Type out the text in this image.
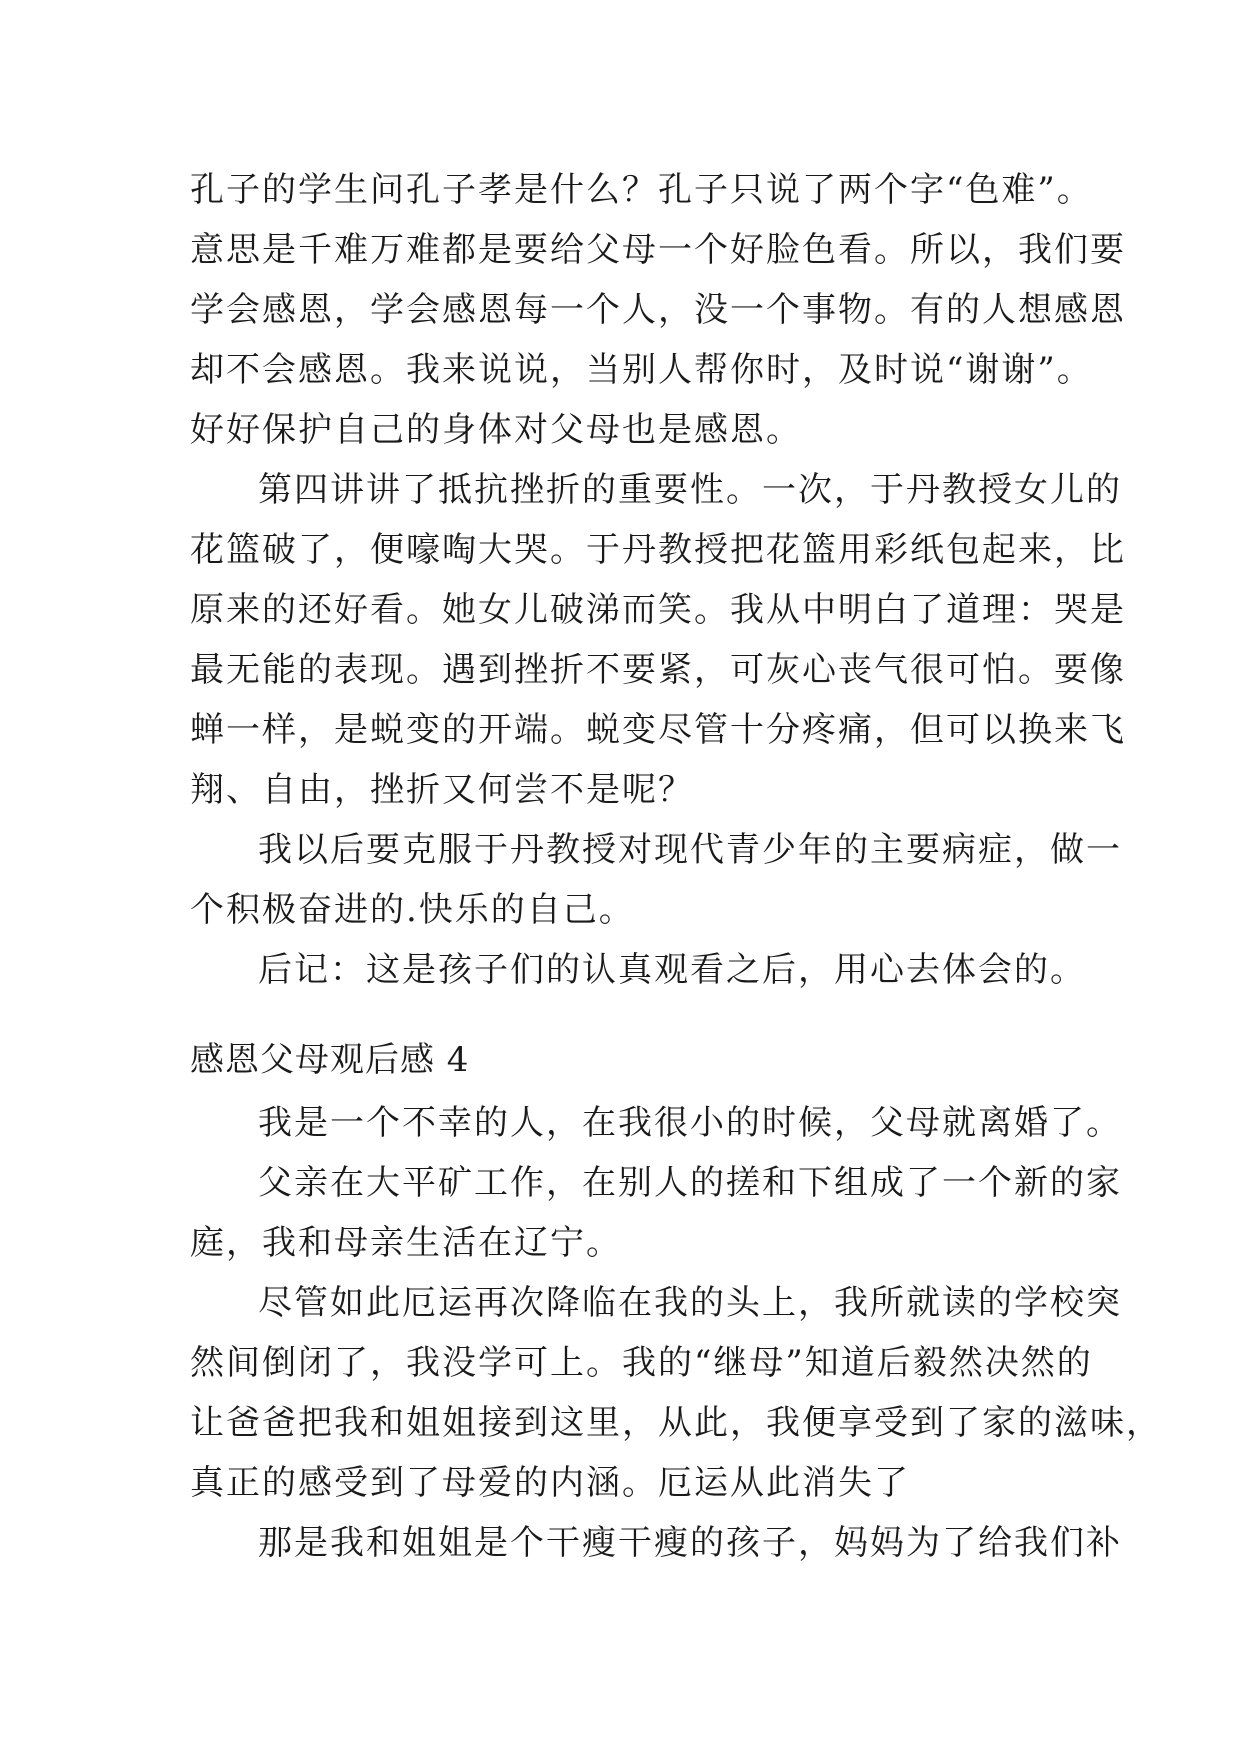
孔子的学生问孔子孝是什么？孔子只说了两个字“色难”。
意思是千难万难都是要给父母一个好脸色看。所以，我们要
学会感恩，学会感恩每一个人，没一个事物。有的人想感恩
却不会感恩。我来说说，当别人帮你时，及时说“谢谢”。
好好保护自己的身体对父母也是感恩。
第四讲讲了抵抗挫折的重要性。一次，于丹教授女儿的
花篮破了，便嚎啕大哭。于丹教授把花篮用彩纸包起来，比
原来的还好看。她女儿破涕而笑。我从中明白了道理：哭是
最无能的表现。遇到挫折不要紧，可灰心丧气很可怕。要像
蝉一样，是蜕变的开端。蜕变尽管十分疼痛，但可以换来飞
翔、自由，挫折又何尝不是呢？
我以后要克服于丹教授对现代青少年的主要病症，做一
个积极奋进的.快乐的自己。
后记：这是孩子们的认真观看之后，用心去体会的。
感恩父母观后感 4
我是一个不幸的人，在我很小的时候，父母就离婚了。
父亲在大平矿工作，在别人的搓和下组成了一个新的家
庭，我和母亲生活在辽宁。
尽管如此厄运再次降临在我的头上，我所就读的学校突
然间倒闭了，我没学可上。我的“继母”知道后毅然决然的
让爸爸把我和姐姐接到这里，从此，我便享受到了家的滋味，
真正的感受到了母爱的内涵。厄运从此消失了
那是我和姐姐是个干瘦干瘦的孩子，妈妈为了给我们补
